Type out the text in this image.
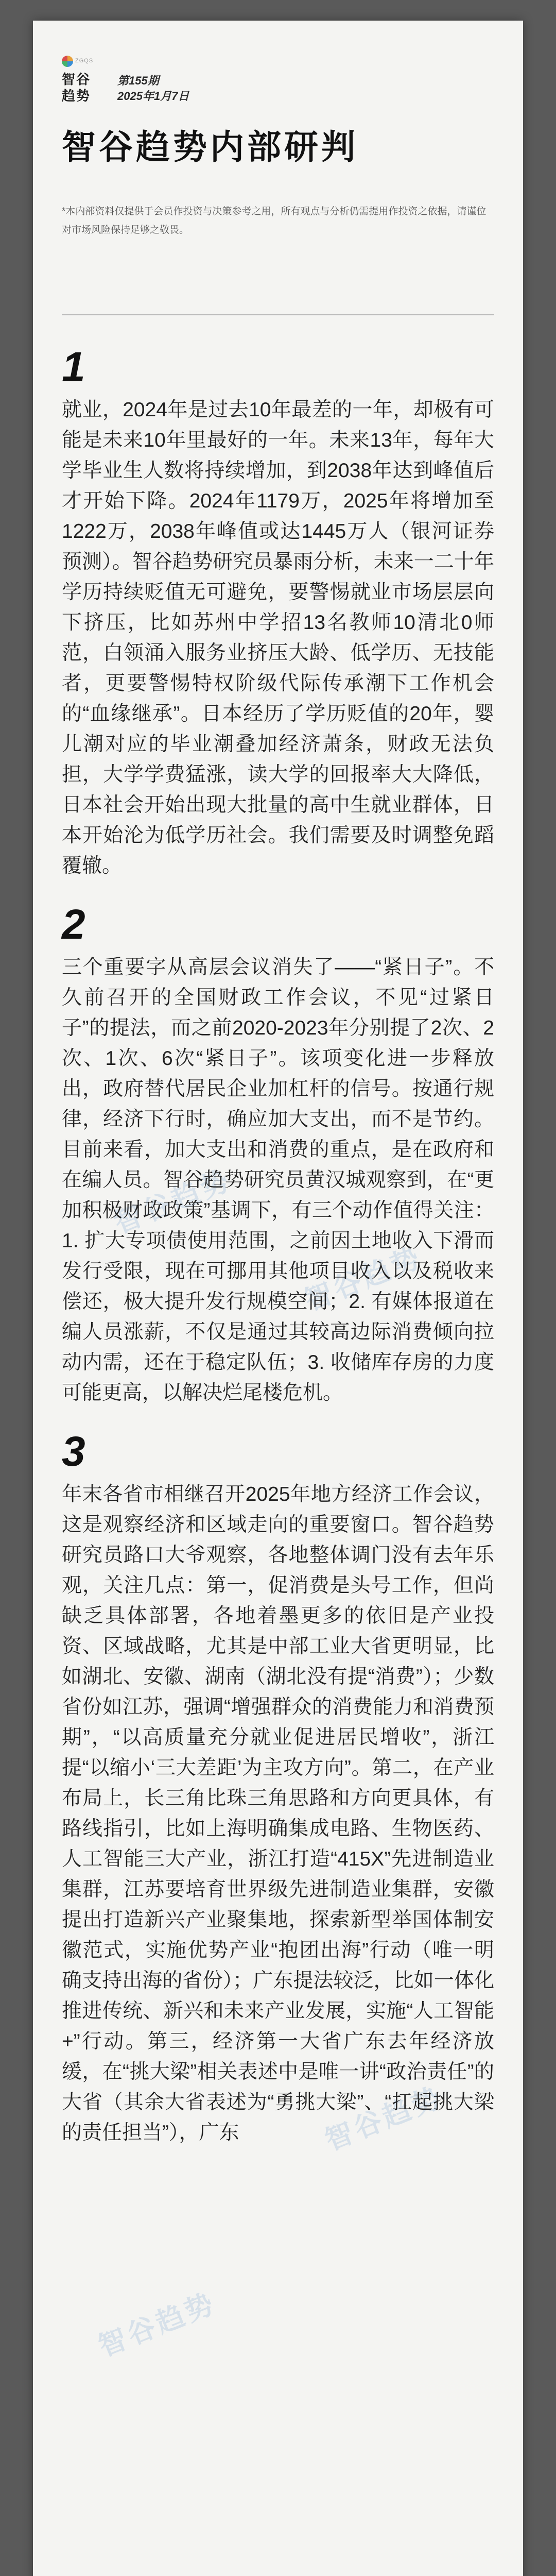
ZGQS
智谷
趋势
第155期
2025年1月7日
智谷趋势内部研判
*本内部资料仅提供于会员作投资与决策参考之用，所有观点与分析仍需提用作投资之依据，请谨位对市场风险保持足够之敬畏。
智谷趋势
智谷趋势
智谷趋势
智谷趋势
1
就业，2024年是过去10年最差的一年，却极有可能是未来10年里最好的一年。未来13年，每年大学毕业生人数将持续增加，到2038年达到峰值后才开始下降。2024年1179万，2025年将增加至1222万，2038年峰值或达1445万人（银河证券预测）。智谷趋势研究员暴雨分析，未来一二十年学历持续贬值无可避免，要警惕就业市场层层向下挤压，比如苏州中学招13名教师10清北0师范，白领涌入服务业挤压大龄、低学历、无技能者，更要警惕特权阶级代际传承潮下工作机会的“血缘继承”。日本经历了学历贬值的20年，婴儿潮对应的毕业潮叠加经济萧条，财政无法负担，大学学费猛涨，读大学的回报率大大降低，日本社会开始出现大批量的高中生就业群体，日本开始沦为低学历社会。我们需要及时调整免蹈覆辙。
2
三个重要字从高层会议消失了——“紧日子”。不久前召开的全国财政工作会议，不见“过紧日子”的提法，而之前2020-2023年分别提了2次、2次、1次、6次“紧日子”。该项变化进一步释放出，政府替代居民企业加杠杆的信号。按通行规律，经济下行时，确应加大支出，而不是节约。目前来看，加大支出和消费的重点，是在政府和在编人员。智谷趋势研究员黄汉城观察到，在“更加积极财政政策”基调下，有三个动作值得关注：1. 扩大专项债使用范围，之前因土地收入下滑而发行受限，现在可挪用其他项目收入以及税收来偿还，极大提升发行规模空间；2. 有媒体报道在编人员涨薪，不仅是通过其较高边际消费倾向拉动内需，还在于稳定队伍；3. 收储库存房的力度可能更高，以解决烂尾楼危机。
3
年末各省市相继召开2025年地方经济工作会议，这是观察经济和区域走向的重要窗口。智谷趋势研究员路口大爷观察，各地整体调门没有去年乐观，关注几点：第一，促消费是头号工作，但尚缺乏具体部署，各地着墨更多的依旧是产业投资、区域战略，尤其是中部工业大省更明显，比如湖北、安徽、湖南（湖北没有提“消费”）；少数省份如江苏，强调“增强群众的消费能力和消费预期”，“以高质量充分就业促进居民增收”，浙江提“以缩小‘三大差距’为主攻方向”。第二，在产业布局上，长三角比珠三角思路和方向更具体，有路线指引，比如上海明确集成电路、生物医药、人工智能三大产业，浙江打造“415X”先进制造业集群，江苏要培育世界级先进制造业集群，安徽提出打造新兴产业聚集地，探索新型举国体制安徽范式，实施优势产业“抱团出海”行动（唯一明确支持出海的省份）；广东提法较泛，比如一体化推进传统、新兴和未来产业发展，实施“人工智能+”行动。第三，经济第一大省广东去年经济放缓，在“挑大梁”相关表述中是唯一讲“政治责任”的大省（其余大省表述为“勇挑大梁”、“扛起挑大梁的责任担当”），广东
